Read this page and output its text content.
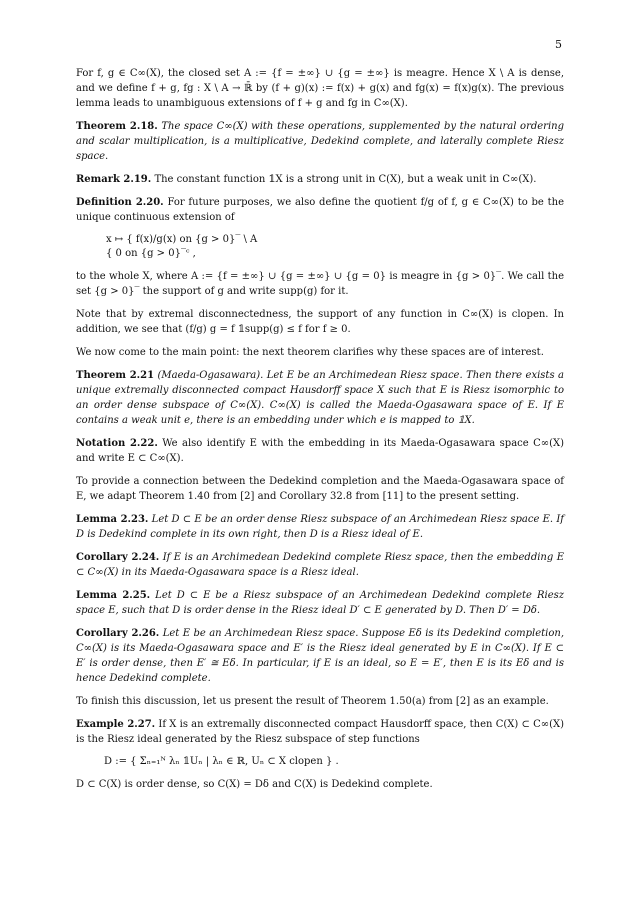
5

For f, g ∈ C∞(X), the closed set A := {f = ±∞} ∪ {g = ±∞} is meagre. Hence X \ A is dense, and we define f + g, fg : X \ A → ℝ̄ by (f + g)(x) := f(x) + g(x) and fg(x) = f(x)g(x). The previous lemma leads to unambiguous extensions of f + g and fg in C∞(X).

Theorem 2.18. The space C∞(X) with these operations, supplemented by the natural ordering and scalar multiplication, is a multiplicative, Dedekind complete, and laterally complete Riesz space.

Remark 2.19. The constant function 𝟙X is a strong unit in C(X), but a weak unit in C∞(X).

Definition 2.20. For future purposes, we also define the quotient f/g of f, g ∈ C∞(X) to be the unique continuous extension of

x ↦ { f(x)/g(x) on {g > 0}‾ \ A
{ 0 on {g > 0}‾ᶜ ,

to the whole X, where A := {f = ±∞} ∪ {g = ±∞} ∪ {g = 0} is meagre in {g > 0}‾. We call the set {g > 0}‾ the support of g and write supp(g) for it.

Note that by extremal disconnectedness, the support of any function in C∞(X) is clopen. In addition, we see that (f/g) g = f 𝟙supp(g) ≤ f for f ≥ 0.

We now come to the main point: the next theorem clarifies why these spaces are of interest.

Theorem 2.21 (Maeda-Ogasawara). Let E be an Archimedean Riesz space. Then there exists a unique extremally disconnected compact Hausdorff space X such that E is Riesz isomorphic to an order dense subspace of C∞(X). C∞(X) is called the Maeda-Ogasawara space of E. If E contains a weak unit e, there is an embedding under which e is mapped to 𝟙X.

Notation 2.22. We also identify E with the embedding in its Maeda-Ogasawara space C∞(X) and write E ⊂ C∞(X).

To provide a connection between the Dedekind completion and the Maeda-Ogasawara space of E, we adapt Theorem 1.40 from [2] and Corollary 32.8 from [11] to the present setting.

Lemma 2.23. Let D ⊂ E be an order dense Riesz subspace of an Archimedean Riesz space E. If D is Dedekind complete in its own right, then D is a Riesz ideal of E.

Corollary 2.24. If E is an Archimedean Dedekind complete Riesz space, then the embedding E ⊂ C∞(X) in its Maeda-Ogasawara space is a Riesz ideal.

Lemma 2.25. Let D ⊂ E be a Riesz subspace of an Archimedean Dedekind complete Riesz space E, such that D is order dense in the Riesz ideal D′ ⊂ E generated by D. Then D′ = Dδ.

Corollary 2.26. Let E be an Archimedean Riesz space. Suppose Eδ is its Dedekind completion, C∞(X) is its Maeda-Ogasawara space and E′ is the Riesz ideal generated by E in C∞(X). If E ⊂ E′ is order dense, then E′ ≅ Eδ. In particular, if E is an ideal, so E = E′, then E is its Eδ and is hence Dedekind complete.

To finish this discussion, let us present the result of Theorem 1.50(a) from [2] as an example.

Example 2.27. If X is an extremally disconnected compact Hausdorff space, then C(X) ⊂ C∞(X) is the Riesz ideal generated by the Riesz subspace of step functions

D := { Σₙ₌₁ᴺ λₙ 𝟙Uₙ | λₙ ∈ ℝ, Uₙ ⊂ X clopen } .

D ⊂ C(X) is order dense, so C(X) = Dδ and C(X) is Dedekind complete.
